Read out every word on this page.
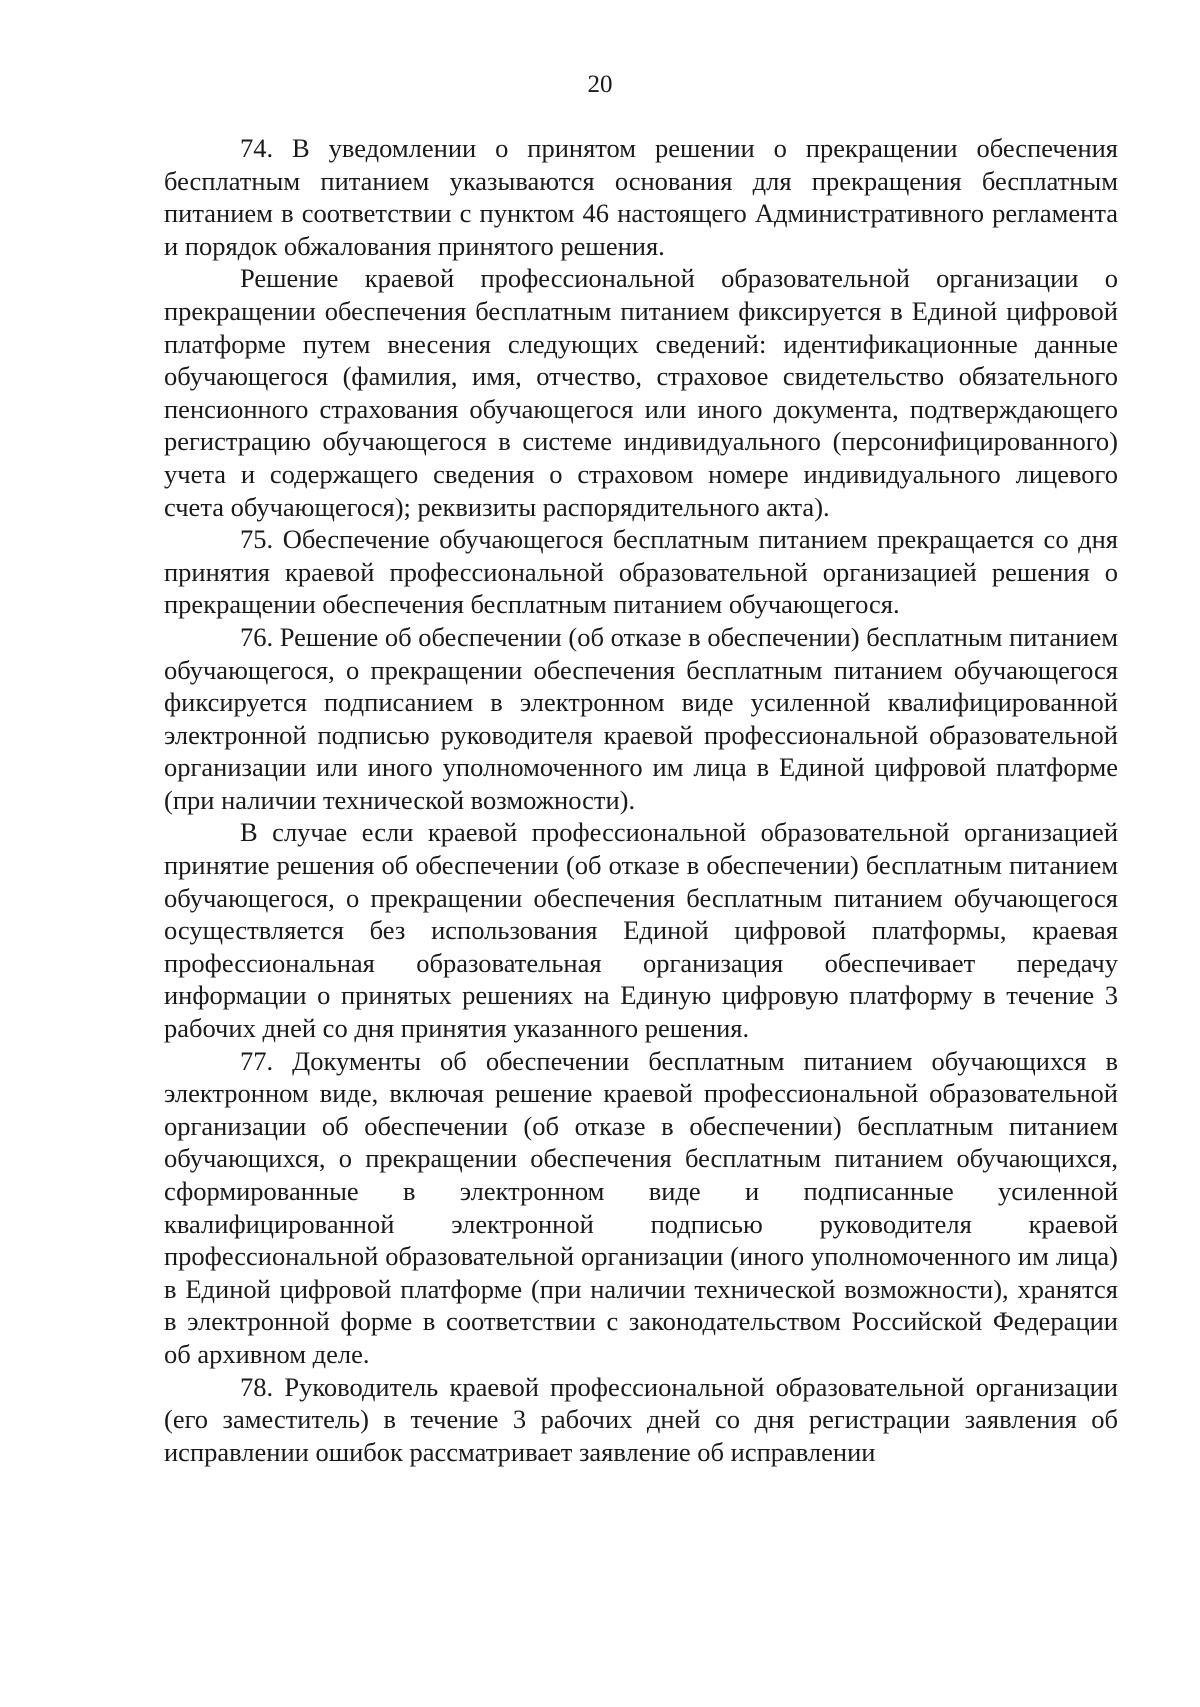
20

74. В уведомлении о принятом решении о прекращении обеспечения бесплатным питанием указываются основания для прекращения бесплатным питанием в соответствии с пунктом 46 настоящего Административного регламента и порядок обжалования принятого решения.

Решение краевой профессиональной образовательной организации о прекращении обеспечения бесплатным питанием фиксируется в Единой цифровой платформе путем внесения следующих сведений: идентификационные данные обучающегося (фамилия, имя, отчество, страховое свидетельство обязательного пенсионного страхования обучающегося или иного документа, подтверждающего регистрацию обучающегося в системе индивидуального (персонифицированного) учета и содержащего сведения о страховом номере индивидуального лицевого счета обучающегося); реквизиты распорядительного акта).

75. Обеспечение обучающегося бесплатным питанием прекращается со дня принятия краевой профессиональной образовательной организацией решения о прекращении обеспечения бесплатным питанием обучающегося.

76. Решение об обеспечении (об отказе в обеспечении) бесплатным питанием обучающегося, о прекращении обеспечения бесплатным питанием обучающегося фиксируется подписанием в электронном виде усиленной квалифицированной электронной подписью руководителя краевой профессиональной образовательной организации или иного уполномоченного им лица в Единой цифровой платформе (при наличии технической возможности).

В случае если краевой профессиональной образовательной организацией принятие решения об обеспечении (об отказе в обеспечении) бесплатным питанием обучающегося, о прекращении обеспечения бесплатным питанием обучающегося осуществляется без использования Единой цифровой платформы, краевая профессиональная образовательная организация обеспечивает передачу информации о принятых решениях на Единую цифровую платформу в течение 3 рабочих дней со дня принятия указанного решения.

77. Документы об обеспечении бесплатным питанием обучающихся в электронном виде, включая решение краевой профессиональной образовательной организации об обеспечении (об отказе в обеспечении) бесплатным питанием обучающихся, о прекращении обеспечения бесплатным питанием обучающихся, сформированные в электронном виде и подписанные усиленной квалифицированной электронной подписью руководителя краевой профессиональной образовательной организации (иного уполномоченного им лица) в Единой цифровой платформе (при наличии технической возможности), хранятся в электронной форме в соответствии с законодательством Российской Федерации об архивном деле.

78. Руководитель краевой профессиональной образовательной организации (его заместитель) в течение 3 рабочих дней со дня регистрации заявления об исправлении ошибок рассматривает заявление об исправлении
